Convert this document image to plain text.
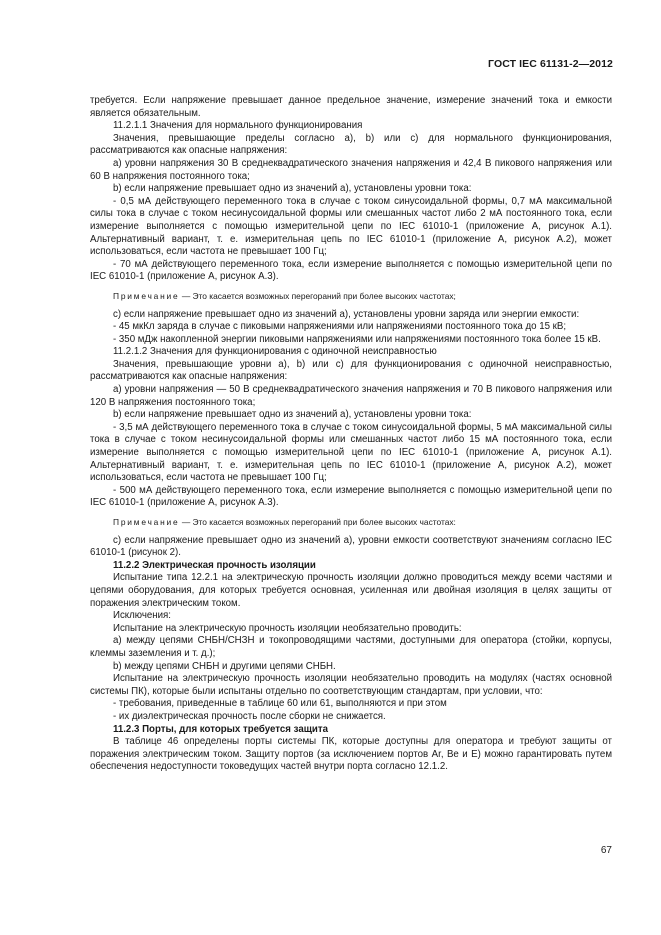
ГОСТ IEC 61131-2—2012

требуется. Если напряжение превышает данное предельное значение, измерение значений тока и емкости является обязательным.

11.2.1.1 Значения для нормального функционирования

Значения, превышающие пределы согласно а), b) или с) для нормального функционирования, рассматриваются как опасные напряжения:

а) уровни напряжения 30 В среднеквадратического значения напряжения и 42,4 В пикового напряжения или 60 В напряжения постоянного тока;

b) если напряжение превышает одно из значений а), установлены уровни тока:

- 0,5 мА действующего переменного тока в случае с током синусоидальной формы, 0,7 мА максимальной силы тока в случае с током несинусоидальной формы или смешанных частот либо 2 мА постоянного тока, если измерение выполняется с помощью измерительной цепи по IEC 61010-1 (приложение А, рисунок А.1). Альтернативный вариант, т. е. измерительная цепь по IEC 61010-1 (приложение А, рисунок А.2), может использоваться, если частота не превышает 100 Гц;

- 70 мА действующего переменного тока, если измерение выполняется с помощью измерительной цепи по IEC 61010-1 (приложение А, рисунок А.3).

Примечание — Это касается возможных перегораний при более высоких частотах;

с) если напряжение превышает одно из значений а), установлены уровни заряда или энергии емкости:

- 45 мкКл заряда в случае с пиковыми напряжениями или напряжениями постоянного тока до 15 кВ;

- 350 мДж накопленной энергии пиковыми напряжениями или напряжениями постоянного тока более 15 кВ.

11.2.1.2 Значения для функционирования с одиночной неисправностью

Значения, превышающие уровни а), b) или с) для функционирования с одиночной неисправностью, рассматриваются как опасные напряжения:

а) уровни напряжения — 50 В среднеквадратического значения напряжения и 70 В пикового напряжения или 120 В напряжения постоянного тока;

b) если напряжение превышает одно из значений а), установлены уровни тока:

- 3,5 мА действующего переменного тока в случае с током синусоидальной формы, 5 мА максимальной силы тока в случае с током несинусоидальной формы или смешанных частот либо 15 мА постоянного тока, если измерение выполняется с помощью измерительной цепи по IEC 61010-1 (приложение А, рисунок А.1). Альтернативный вариант, т. е. измерительная цепь по IEC 61010-1 (приложение А, рисунок А.2), может использоваться, если частота не превышает 100 Гц;

- 500 мА действующего переменного тока, если измерение выполняется с помощью измерительной цепи по IEC 61010-1 (приложение А, рисунок А.3).

Примечание — Это касается возможных перегораний при более высоких частотах:

с) если напряжение превышает одно из значений а), уровни емкости соответствуют значениям согласно IEC 61010-1 (рисунок 2).

11.2.2 Электрическая прочность изоляции

Испытание типа 12.2.1 на электрическую прочность изоляции должно проводиться между всеми частями и цепями оборудования, для которых требуется основная, усиленная или двойная изоляция в целях защиты от поражения электрическим током.

Исключения:

Испытание на электрическую прочность изоляции необязательно проводить:

а) между цепями СНБН/СНЗН и токопроводящими частями, доступными для оператора (стойки, корпусы, клеммы заземления и т. д.);

b) между цепями СНБН и другими цепями СНБН.

Испытание на электрическую прочность изоляции необязательно проводить на модулях (частях основной системы ПК), которые были испытаны отдельно по соответствующим стандартам, при условии, что:

- требования, приведенные в таблице 60 или 61, выполняются и при этом

- их диэлектрическая прочность после сборки не снижается.

11.2.3 Порты, для которых требуется защита

В таблице 46 определены порты системы ПК, которые доступны для оператора и требуют защиты от поражения электрическим током. Защиту портов (за исключением портов Ar, Be и E) можно гарантировать путем обеспечения недоступности токоведущих частей внутри порта согласно 12.1.2.

67
